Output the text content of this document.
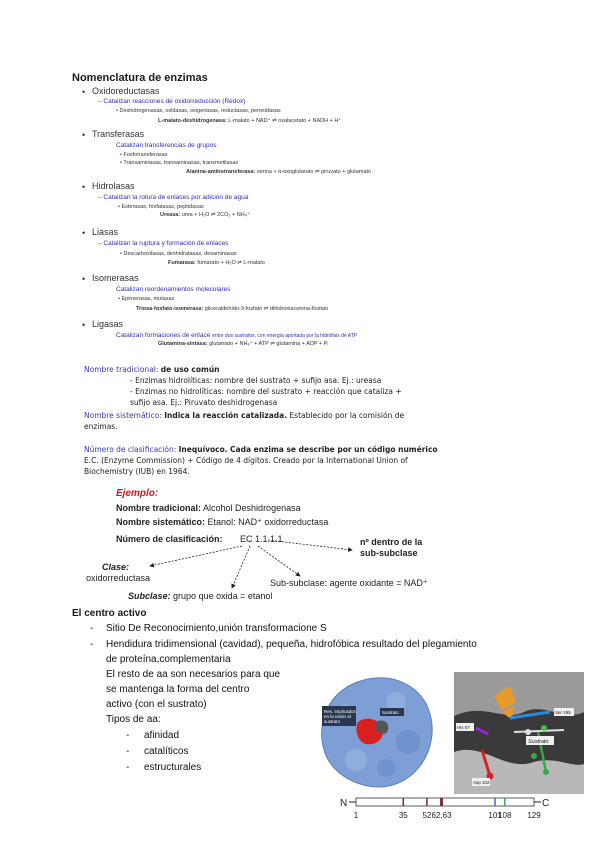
Nomenclatura de enzimas
• Oxidoreductasas
– Catalizan reacciones de oxidorreducción (Redox)
• Deshidrogenasas, oxidasas, oxigenasas, reductasas, peroxidasas
L-malato-deshidrogenasa: L-malato + NAD⁺ ⇌ oxalacetato + NADH + H⁺
• Transferasas
Catalizan transferencias de grupos
• Fosfotransferasas
• Transaminasas, transaminasas, transmetilasas
Alanina-aminotransferasa: serina + α-oxoglutarato ⇌ piruvato + glutamato
• Hidrolasas
– Catalizan la rotura de enlaces por adición de agua
• Esterasas, fosfatasas, peptidasas
Ureasa: urea + H₂O ⇌ 2CO₂ + NH₄⁺
• Liasas
– Catalizan la ruptura y formación de enlaces
• Descarboxilasas, deshidratasas, desaminasas
Fumarasa: fumarato + H₂O ⇌ L-malato
• Isomerasas
Catalizan reordenamientos moleculares
• Epimerasas, mutasas
Triosa-fosfato-isomerasa: gliceraldehído-3-fosfato ⇌ dihidroxiacetona-fosfato
• Ligasas
Catalizan formaciones de enlace entre dos sustratos, con energía aportada por la hidrólisis de ATP
Glutamina-sintasa: glutamato + NH₄⁺ + ATP ⇌ glutamina + ADP + Pᵢ
Nombre tradicional: de uso común
- Enzimas hidrolíticas: nombre del sustrato + sufijo asa. Ej.: ureasa
- Enzimas no hidrolíticas: nombre del sustrato + reacción que cataliza +
sufijo asa. Ej.: Piruvato deshidrogenasa
Nombre sistemático: Indica la reacción catalizada. Establecido por la comisión de
enzimas.
Número de clasificación: Inequívoco. Cada enzima se describe por un código numérico
E.C. (Enzyme Commission) + Código de 4 dígitos. Creado por la International Union of
Biochemistry (IUB) en 1964.
Ejemplo:
Nombre tradicional: Alcohol Deshidrogenasa
Nombre sistemático: Etanol: NAD⁺ oxidorreductasa
Número de clasificación: EC 1.1.1.1
Clase:
oxidorreductasa
Subclase: grupo que oxida = etanol
Sub-subclase: agente oxidante = NAD⁺
nº dentro de la
sub-subclase
El centro activo
- Sitio De Reconocimiento,unión transformacione S
- Hendidura tridimensional (cavidad), pequeña, hidrofóbica resultado del plegamiento
de proteína,complementaria
El resto de aa son necesarios para que
se mantenga la forma del centro
activo (con el sustrato)
Tipos de aa:
- afinidad
- catalíticos
- estructurales
Res. implicados
en la unión al
sustrato
Sustrato
Sustrato
His 57
Asp 102
Ser 195
N	C
1	35 52 62,63	101
108 129
